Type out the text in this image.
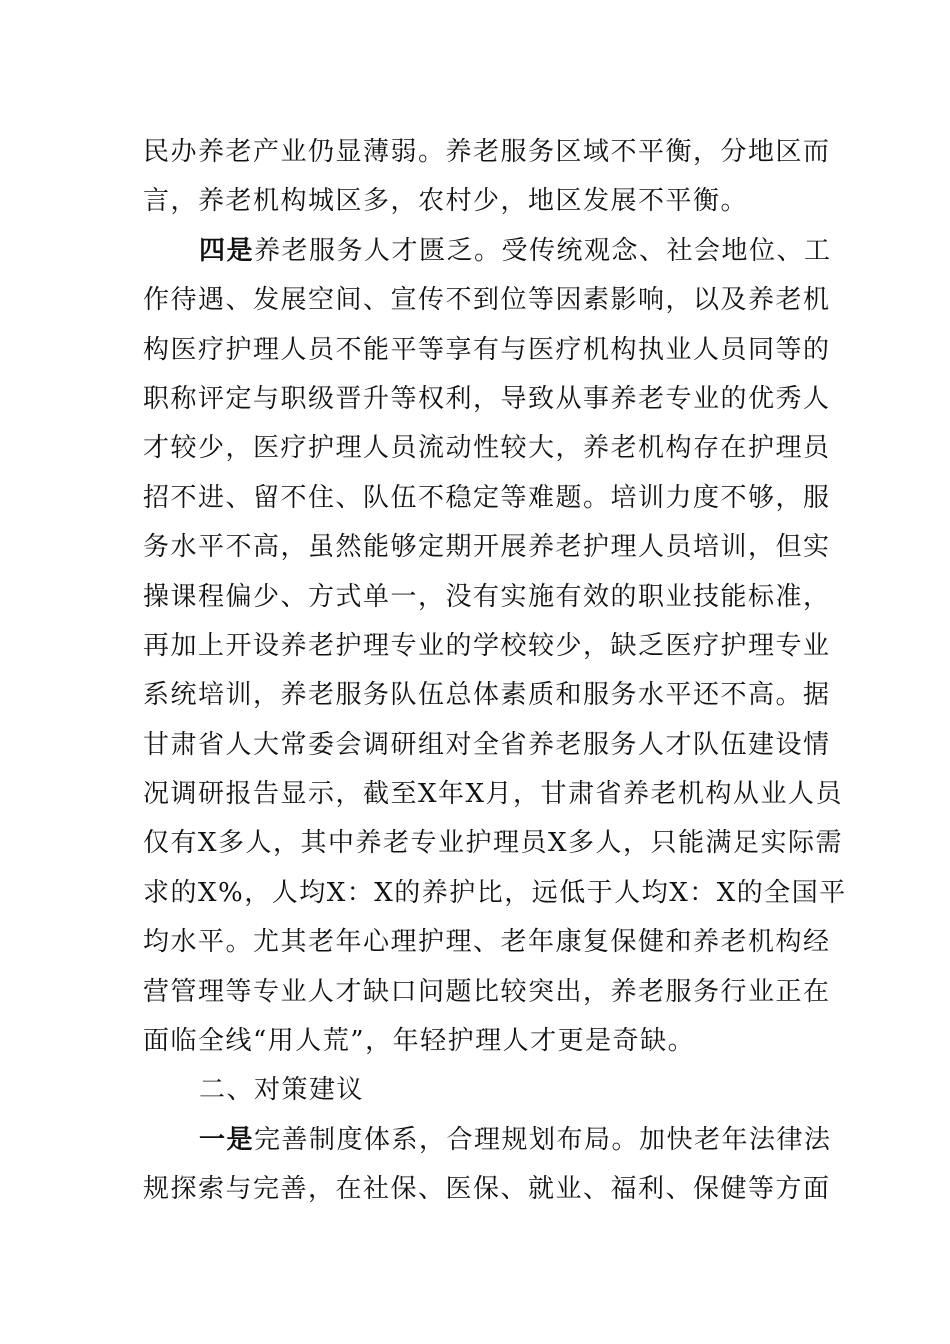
民办养老产业仍显薄弱。养老服务区域不平衡，分地区而
言，养老机构城区多，农村少，地区发展不平衡。
四是养老服务人才匮乏。受传统观念、社会地位、工
作待遇、发展空间、宣传不到位等因素影响，以及养老机
构医疗护理人员不能平等享有与医疗机构执业人员同等的
职称评定与职级晋升等权利，导致从事养老专业的优秀人
才较少，医疗护理人员流动性较大，养老机构存在护理员
招不进、留不住、队伍不稳定等难题。培训力度不够，服
务水平不高，虽然能够定期开展养老护理人员培训，但实
操课程偏少、方式单一，没有实施有效的职业技能标准，
再加上开设养老护理专业的学校较少，缺乏医疗护理专业
系统培训，养老服务队伍总体素质和服务水平还不高。据
甘肃省人大常委会调研组对全省养老服务人才队伍建设情
况调研报告显示，截至X年X月，甘肃省养老机构从业人员
仅有X多人，其中养老专业护理员X多人，只能满足实际需
求的X%，人均X：X的养护比，远低于人均X：X的全国平
均水平。尤其老年心理护理、老年康复保健和养老机构经
营管理等专业人才缺口问题比较突出，养老服务行业正在
面临全线“用人荒”，年轻护理人才更是奇缺。
二、对策建议
一是完善制度体系，合理规划布局。加快老年法律法
规探索与完善，在社保、医保、就业、福利、保健等方面
